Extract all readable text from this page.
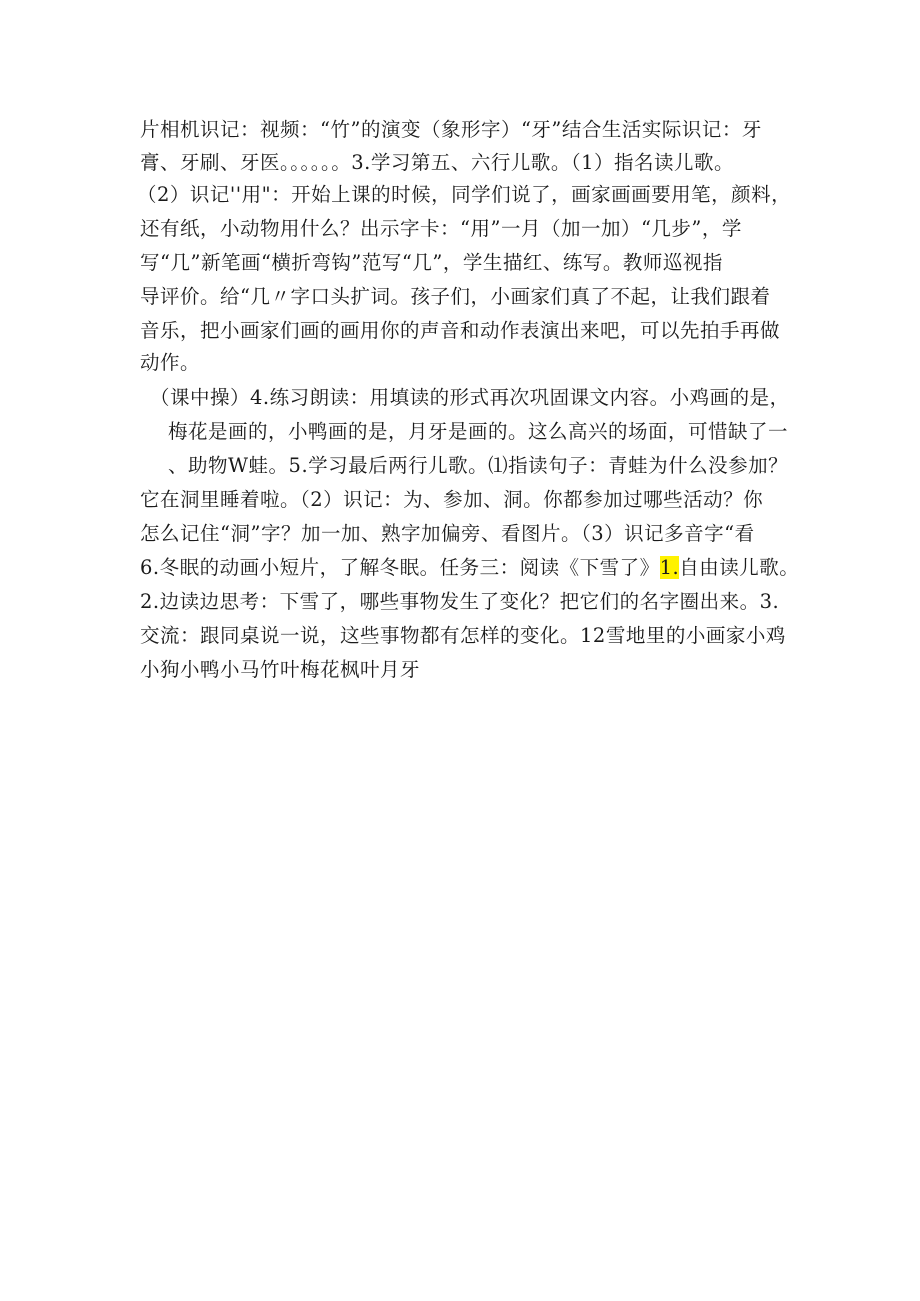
片相机识记：视频：“竹”的演变（象形字）“牙”结合生活实际识记：牙
膏、牙刷、牙医。。。。。。3.学习第五、六行儿歌。（1）指名读儿歌。
（2）识记''用"：开始上课的时候，同学们说了，画家画画要用笔，颜料，
还有纸，小动物用什么？出示字卡：“用”一月（加一加）“几步”，学
写“几”新笔画“横折弯钩”范写“几”，学生描红、练写。教师巡视指
导评价。给“几〃字口头扩词。孩子们，小画家们真了不起，让我们跟着
音乐，把小画家们画的画用你的声音和动作表演出来吧，可以先拍手再做
动作。
（课中操）4.练习朗读：用填读的形式再次巩固课文内容。小鸡画的是，
梅花是画的，小鸭画的是，月牙是画的。这么高兴的场面，可惜缺了一
、助物W蛙。5.学习最后两行儿歌。⑴指读句子：青蛙为什么没参加？
它在洞里睡着啦。（2）识记：为、参加、洞。你都参加过哪些活动？你
怎么记住“洞”字？加一加、熟字加偏旁、看图片。（3）识记多音字“看
6.冬眠的动画小短片，了解冬眠。任务三：阅读《下雪了》1.自由读儿歌。
2.边读边思考：下雪了，哪些事物发生了变化？把它们的名字圈出来。3.
交流：跟同桌说一说，这些事物都有怎样的变化。12雪地里的小画家小鸡
小狗小鸭小马竹叶梅花枫叶月牙
